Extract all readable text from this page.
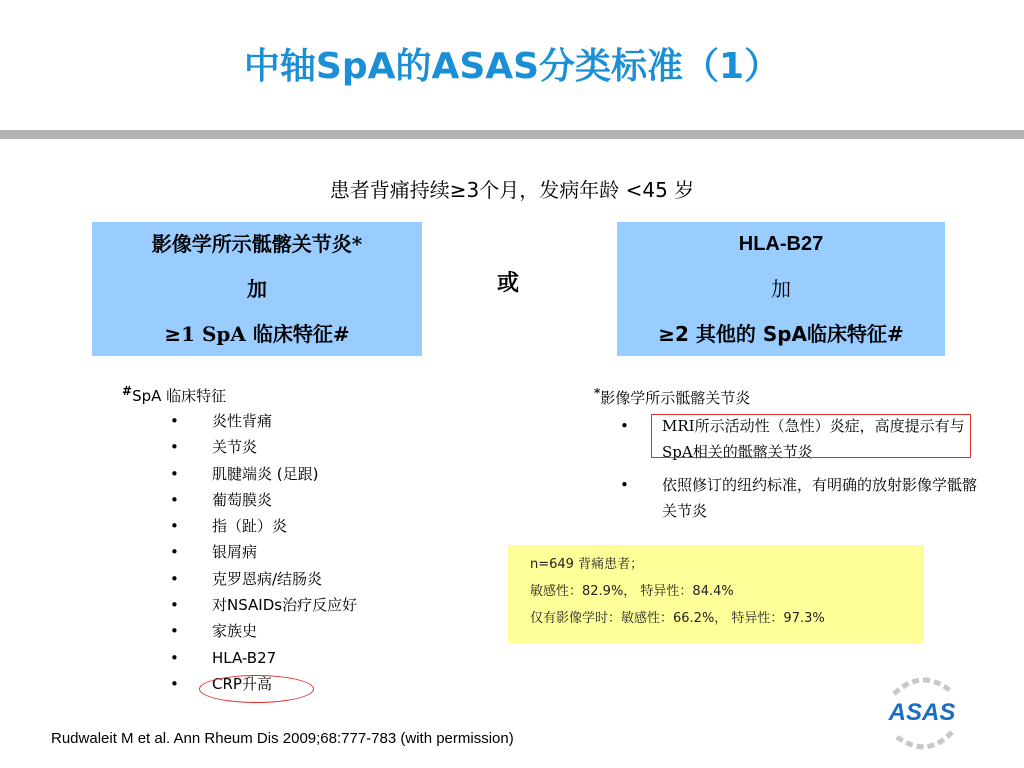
中轴SpA的ASAS分类标准（1）
患者背痛持续≥3个月，发病年龄 <45 岁
影像学所示骶髂关节炎*
加
≥1 SpA 临床特征#
或
HLA-B27
加
≥2 其他的 SpA临床特征#
#SpA 临床特征
• 炎性背痛
• 关节炎
• 肌腱端炎 (足跟)
• 葡萄膜炎
• 指（趾）炎
• 银屑病
• 克罗恩病/结肠炎
• 对NSAIDs治疗反应好
• 家族史
• HLA-B27
• CRP升高
*影像学所示骶髂关节炎
• MRI所示活动性（急性）炎症，高度提示有与SpA相关的骶髂关节炎
• 依照修订的纽约标准，有明确的放射影像学骶髂关节炎
n=649 背痛患者；
敏感性：82.9%， 特异性：84.4%
仅有影像学时：敏感性：66.2%， 特异性：97.3%
Rudwaleit M et al. Ann Rheum Dis 2009;68:777-783 (with permission)
ASAS
